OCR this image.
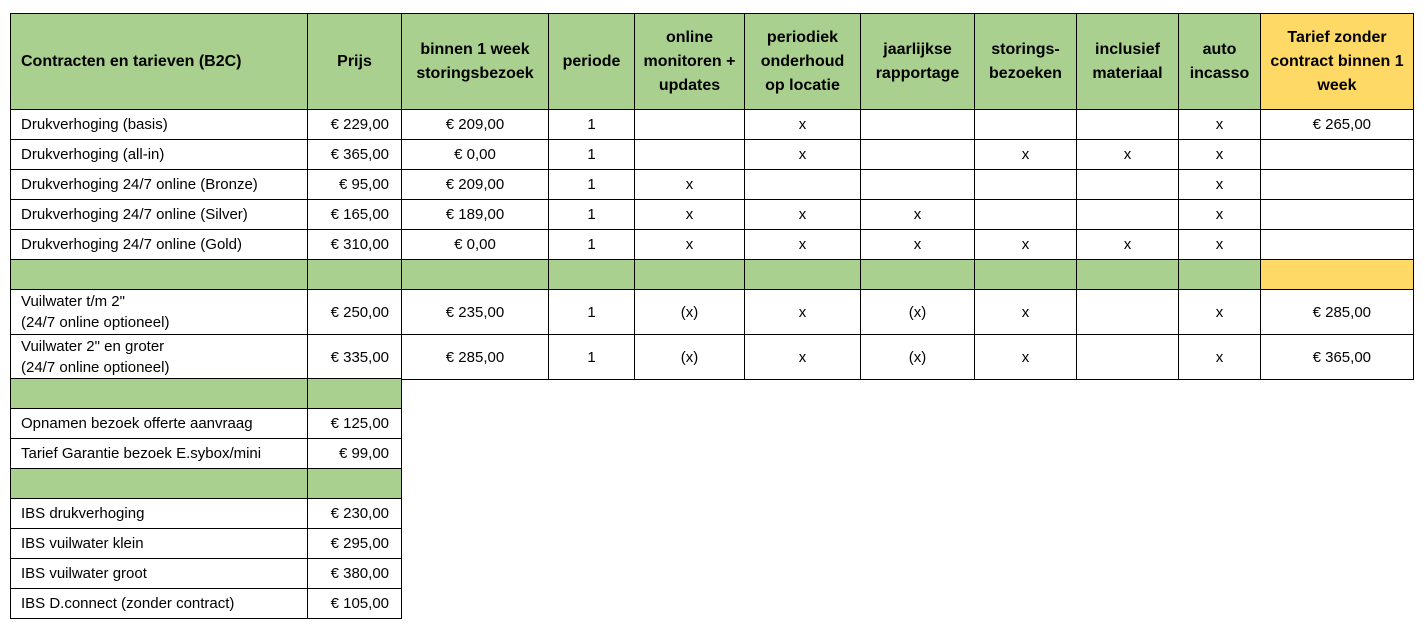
Contracten en tarieven (B2C)	Prijs	binnen 1 week storingsbezoek	periode	online monitoren + updates	periodiek onderhoud op locatie	jaarlijkse rapportage	storings-bezoeken	inclusief materiaal	auto incasso	Tarief zonder contract binnen 1 week
Drukverhoging (basis)	€ 229,00	€ 209,00	1		x				x	€ 265,00
Drukverhoging (all-in)	€ 365,00	€ 0,00	1		x		x	x	x	
Drukverhoging 24/7 online (Bronze)	€ 95,00	€ 209,00	1	x					x	
Drukverhoging 24/7 online (Silver)	€ 165,00	€ 189,00	1	x	x	x			x	
Drukverhoging 24/7 online (Gold)	€ 310,00	€ 0,00	1	x	x	x	x	x	x	

Vuilwater t/m 2"
(24/7 online optioneel)	€ 250,00	€ 235,00	1	(x)	x	(x)	x		x	€ 285,00
Vuilwater 2" en groter
(24/7 online optioneel)	€ 335,00	€ 285,00	1	(x)	x	(x)	x		x	€ 365,00

Opnamen bezoek offerte aanvraag	€ 125,00
Tarief Garantie bezoek E.sybox/mini	€ 99,00

IBS drukverhoging	€ 230,00
IBS vuilwater klein	€ 295,00
IBS vuilwater groot	€ 380,00
IBS D.connect (zonder contract)	€ 105,00
